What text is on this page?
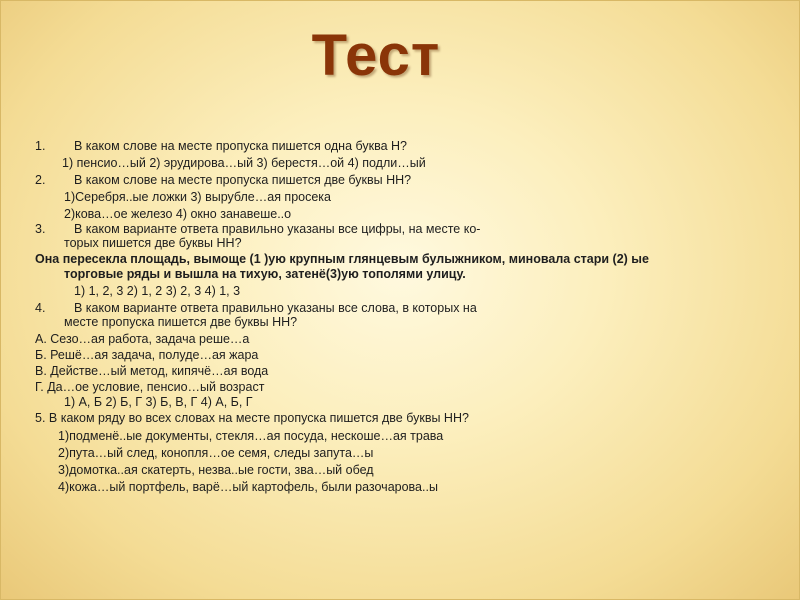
Тест
1. В каком слове на месте пропуска пишется одна буква Н?
1) пенсио…ый 2) эрудирова…ый 3) берестя…ой 4) подли…ый
2. В каком слове на месте пропуска пишется две буквы НН?
1)Серебря..ые ложки 3) вырубле…ая просека
2)кова…ое железо 4) окно занавеше..о
3. В каком варианте ответа правильно указаны все цифры, на месте ко-
торых пишется две буквы НН?
Она пересекла площадь, вымоще (1 )ую крупным глянцевым булыжником, миновала стари (2) ые
торговые ряды и вышла на тихую, затенё(3)ую тополями улицу.
1) 1, 2, 3 2) 1, 2 3) 2, 3 4) 1, 3
4. В каком варианте ответа правильно указаны все слова, в которых на
месте пропуска пишется две буквы НН?
А. Сезо…ая работа, задача реше…а
Б. Решё…ая задача, полуде…ая жара
В. Действе…ый метод, кипячё…ая вода
Г. Да…ое условие, пенсио…ый возраст
1) А, Б 2) Б, Г 3) Б, В, Г 4) А, Б, Г
5. В каком ряду во всех словах на месте пропуска пишется две буквы НН?
1)подменё..ые документы, стекля…ая посуда, нескоше…ая трава
2)пута…ый след, конопля…ое семя, следы запута…ы
3)домотка..ая скатерть, незва..ые гости, зва…ый обед
4)кожа…ый портфель, варё…ый картофель, были разочарова..ы
